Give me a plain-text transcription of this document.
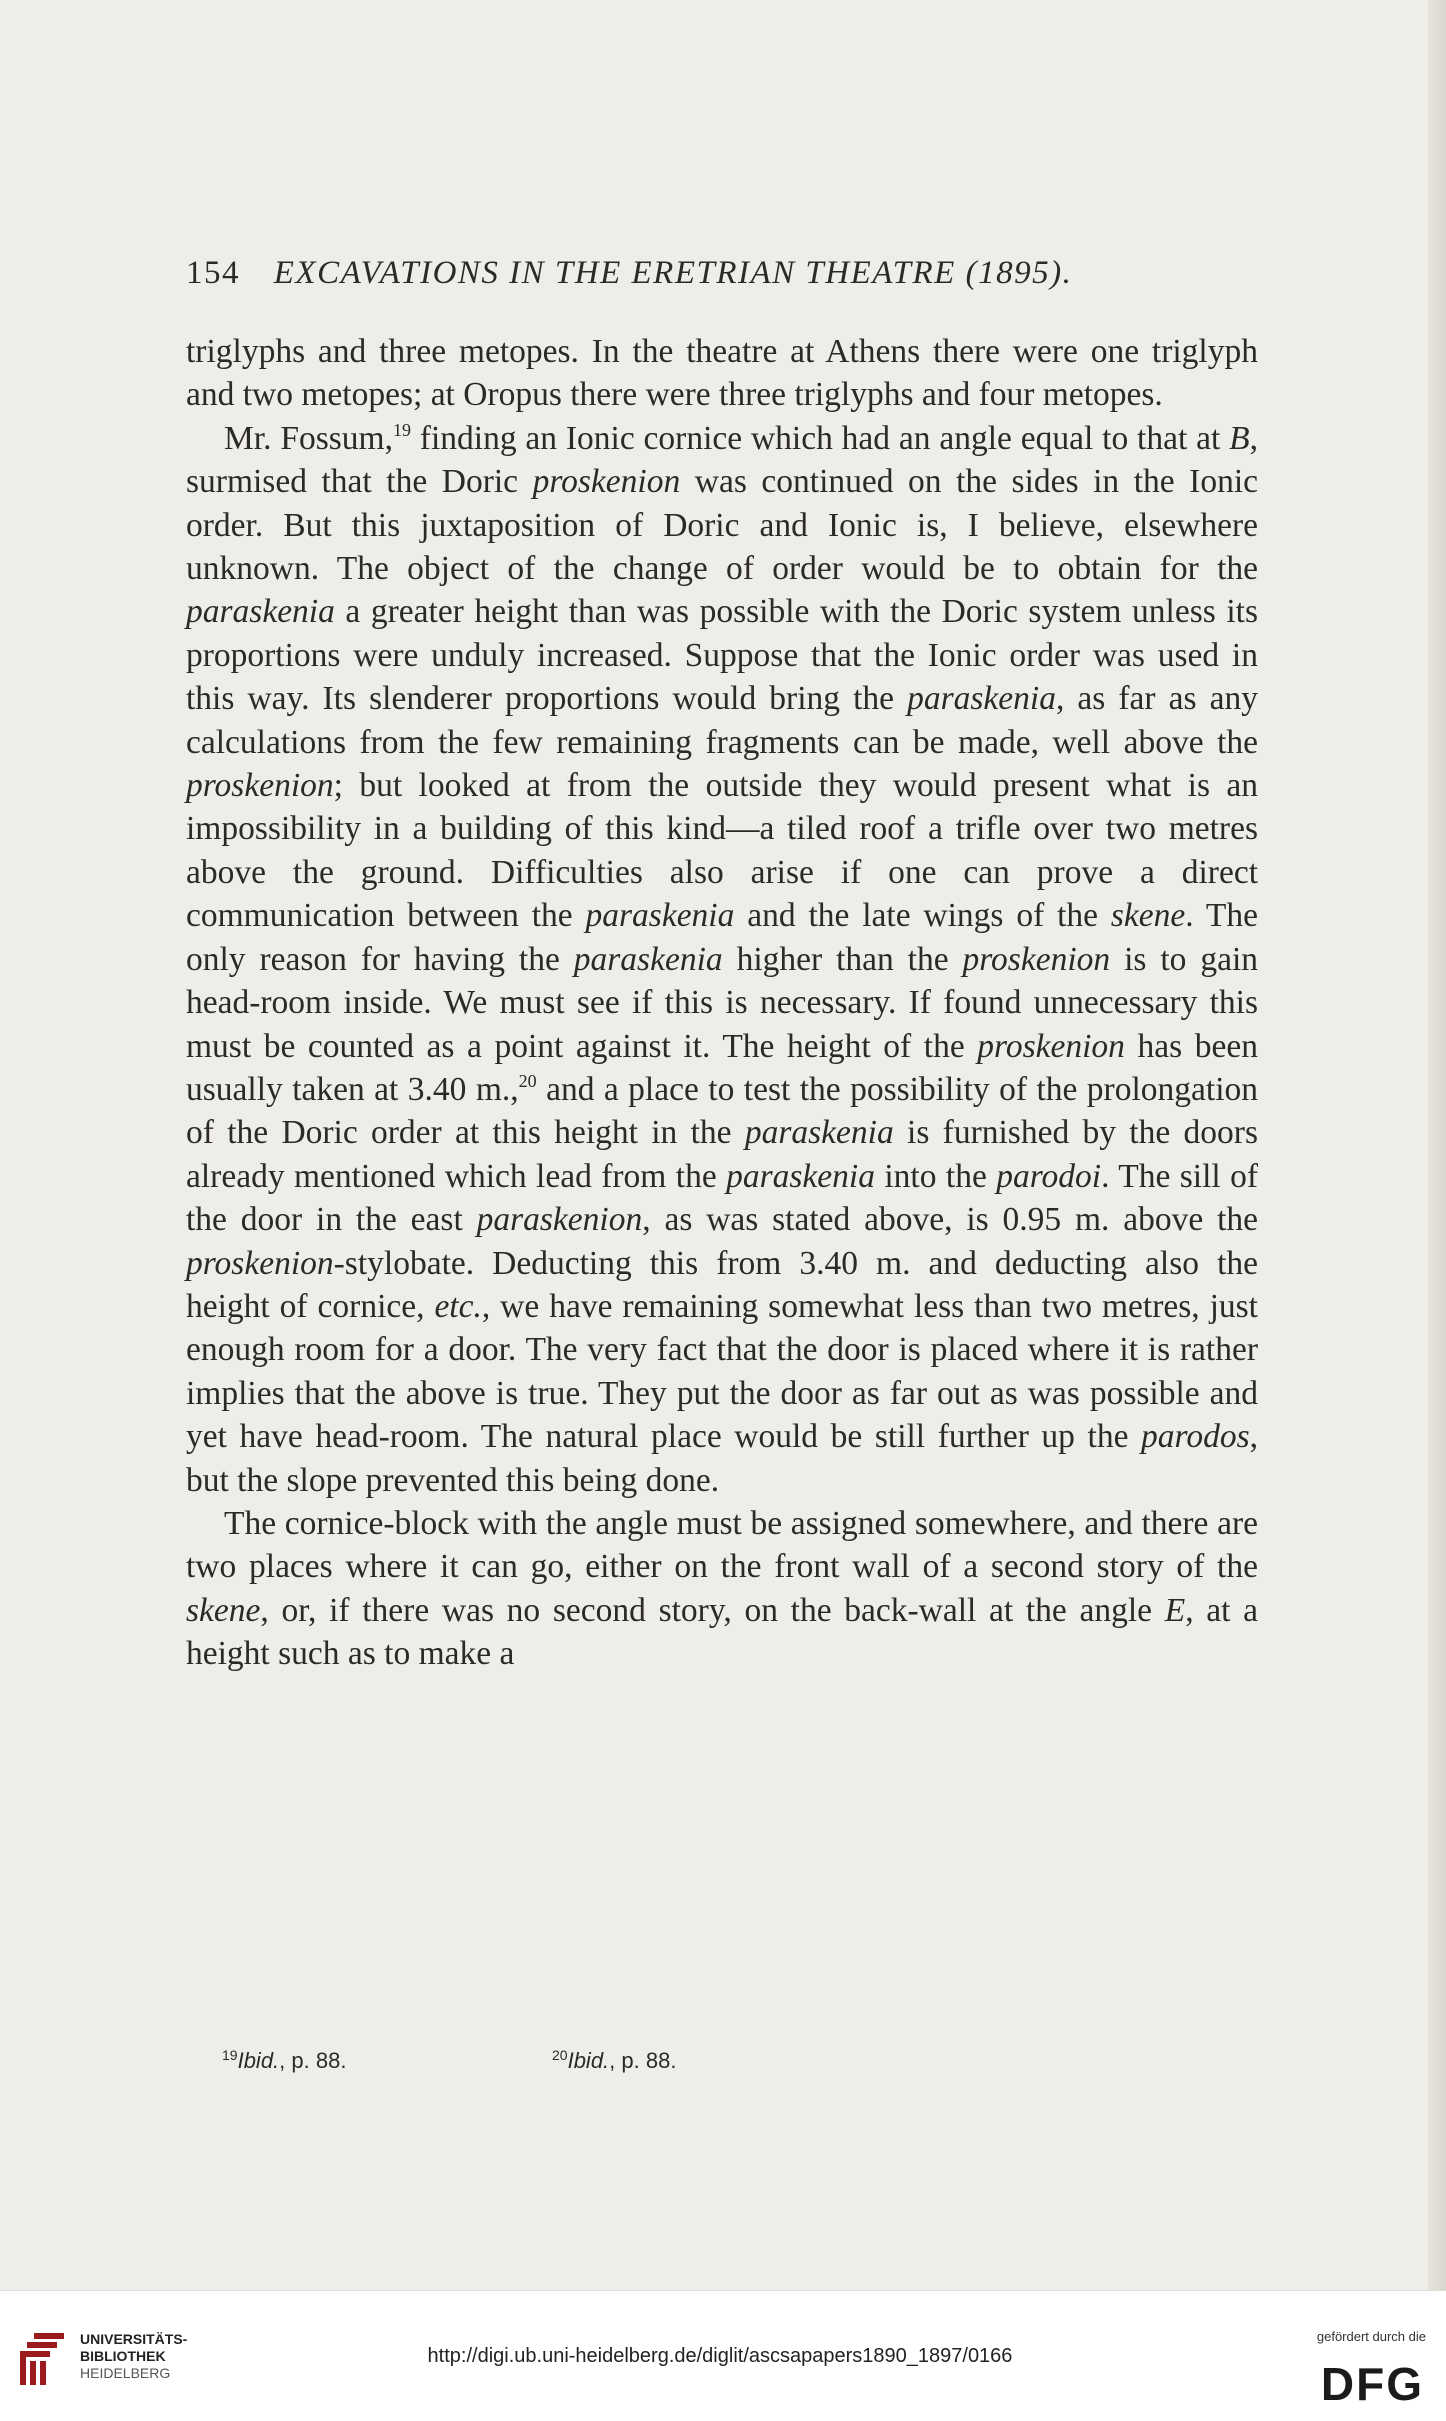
154 EXCAVATIONS IN THE ERETRIAN THEATRE (1895).

triglyphs and three metopes. In the theatre at Athens there were one triglyph and two metopes; at Oropus there were three triglyphs and four metopes.

Mr. Fossum,$^{19}$ finding an Ionic cornice which had an angle equal to that at B, surmised that the Doric proskenion was continued on the sides in the Ionic order. But this juxtaposition of Doric and Ionic is, I believe, elsewhere unknown. The object of the change of order would be to obtain for the paraskenia a greater height than was possible with the Doric system unless its proportions were unduly increased. Suppose that the Ionic order was used in this way. Its slenderer proportions would bring the paraskenia, as far as any calculations from the few remaining fragments can be made, well above the proskenion; but looked at from the outside they would present what is an impossibility in a building of this kind—a tiled roof a trifle over two metres above the ground. Difficulties also arise if one can prove a direct communication between the paraskenia and the late wings of the skene. The only reason for having the paraskenia higher than the proskenion is to gain head-room inside. We must see if this is necessary. If found unnecessary this must be counted as a point against it. The height of the proskenion has been usually taken at 3.40 m.,$^{20}$ and a place to test the possibility of the prolongation of the Doric order at this height in the paraskenia is furnished by the doors already mentioned which lead from the paraskenia into the parodoi. The sill of the door in the east paraskenion, as was stated above, is 0.95 m. above the proskenion-stylobate. Deducting this from 3.40 m. and deducting also the height of cornice, etc., we have remaining somewhat less than two metres, just enough room for a door. The very fact that the door is placed where it is rather implies that the above is true. They put the door as far out as was possible and yet have head-room. The natural place would be still further up the parodos, but the slope prevented this being done.

The cornice-block with the angle must be assigned somewhere, and there are two places where it can go, either on the front wall of a second story of the skene, or, if there was no second story, on the back-wall at the angle E, at a height such as to make a

$^{19}$Ibid., p. 88.	$^{20}$Ibid., p. 88.
UNIVERSITÄTS-
BIBLIOTHEK
HEIDELBERG
http://digi.ub.uni-heidelberg.de/diglit/ascsapapers1890_1897/0166
gefördert durch die
DFG
